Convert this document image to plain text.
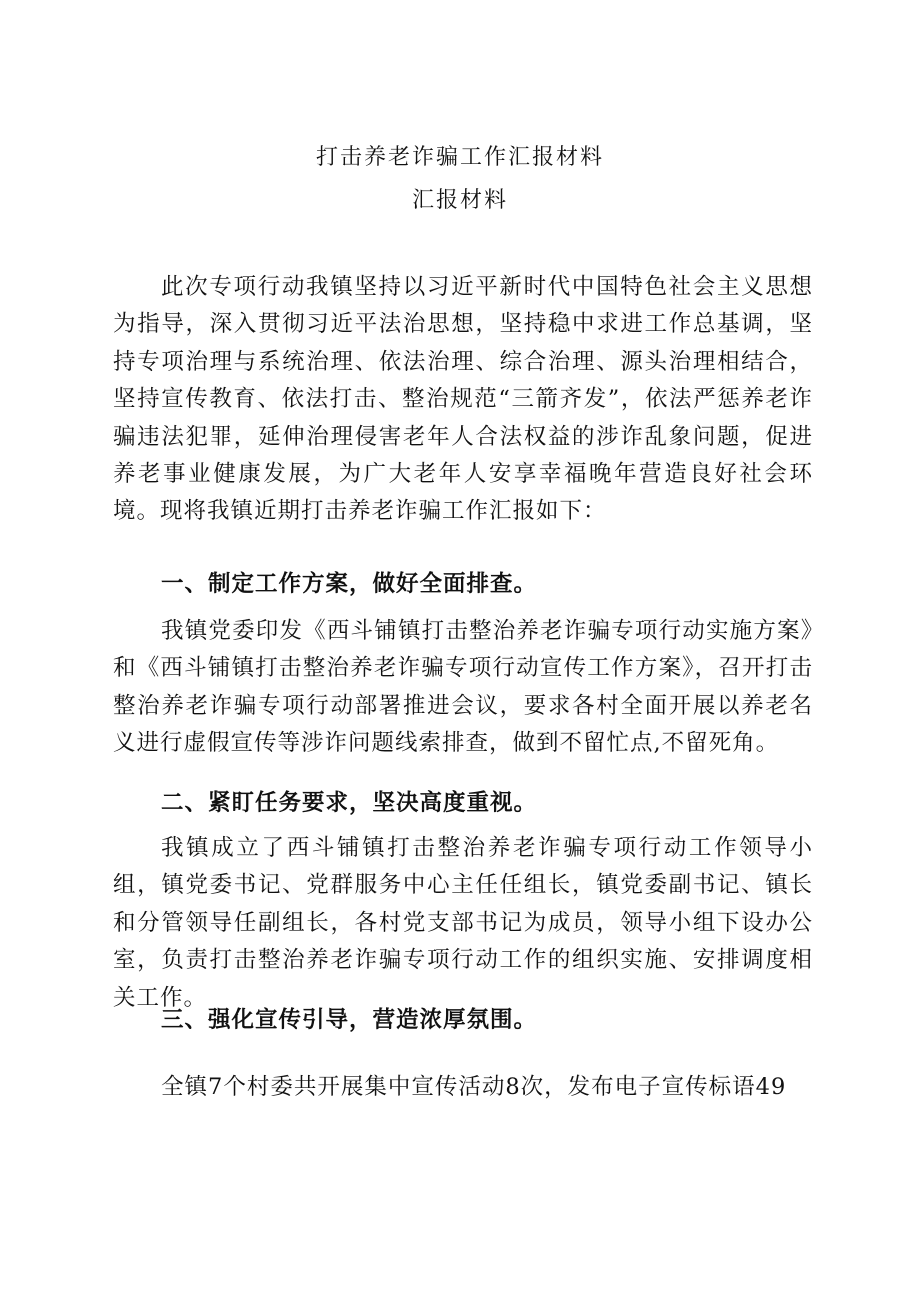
打击养老诈骗工作汇报材料
汇报材料
此次专项行动我镇坚持以习近平新时代中国特色社会主义思想为指导，深入贯彻习近平法治思想，坚持稳中求进工作总基调，坚持专项治理与系统治理、依法治理、综合治理、源头治理相结合，坚持宣传教育、依法打击、整治规范“三箭齐发”，依法严惩养老诈骗违法犯罪，延伸治理侵害老年人合法权益的涉诈乱象问题，促进养老事业健康发展，为广大老年人安享幸福晚年营造良好社会环境。现将我镇近期打击养老诈骗工作汇报如下：
一、制定工作方案，做好全面排查。
我镇党委印发《西斗铺镇打击整治养老诈骗专项行动实施方案》和《西斗铺镇打击整治养老诈骗专项行动宣传工作方案》，召开打击整治养老诈骗专项行动部署推进会议，要求各村全面开展以养老名义进行虚假宣传等涉诈问题线索排查，做到不留忙点,不留死角。
二、紧盯任务要求，坚决高度重视。
我镇成立了西斗铺镇打击整治养老诈骗专项行动工作领导小组，镇党委书记、党群服务中心主任任组长，镇党委副书记、镇长和分管领导任副组长，各村党支部书记为成员，领导小组下设办公室，负责打击整治养老诈骗专项行动工作的组织实施、安排调度相关工作。
三、强化宣传引导，营造浓厚氛围。
全镇7个村委共开展集中宣传活动8次，发布电子宣传标语49
